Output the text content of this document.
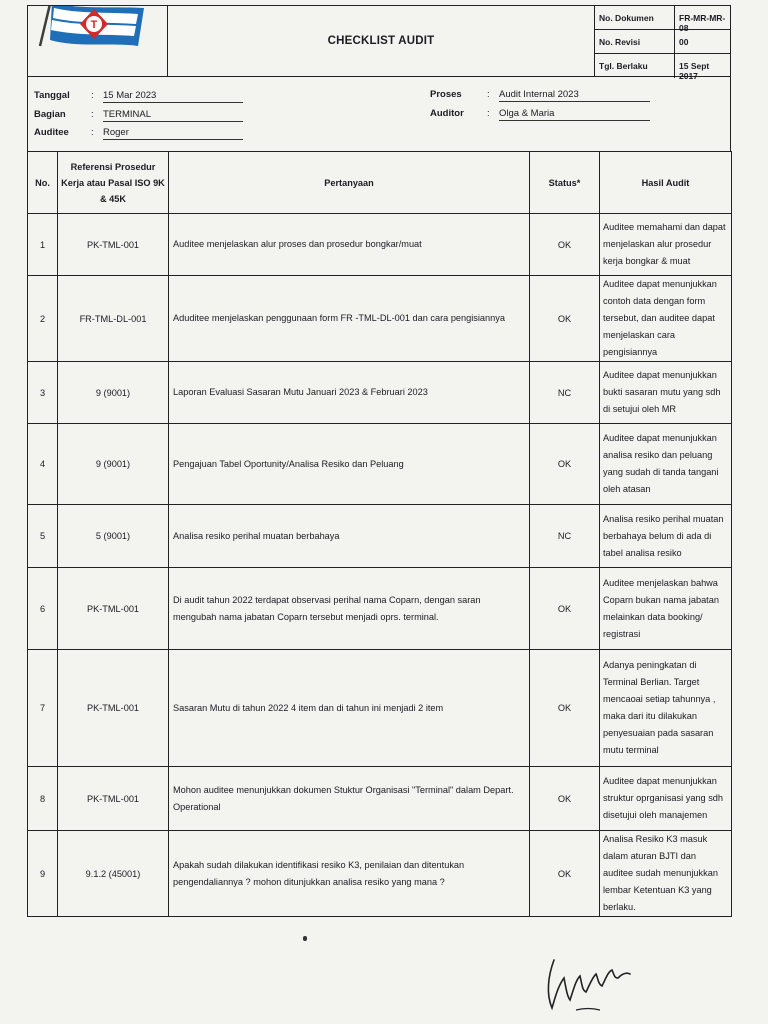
T
CHECKLIST AUDIT
No. Dokumen	FR-MR-MR-08
No. Revisi	00
Tgl. Berlaku	15 Sept 2017
Tanggal	: 15 Mar 2023
Bagian	: TERMINAL
Auditee	: Roger
Proses	: Audit Internal 2023
Auditor	: Olga & Maria
No.	Referensi Prosedur Kerja atau Pasal ISO 9K & 45K	Pertanyaan	Status*	Hasil Audit
1	PK-TML-001	Auditee menjelaskan alur proses dan prosedur bongkar/muat	OK	Auditee memahami dan dapat menjelaskan alur prosedur kerja bongkar & muat
2	FR-TML-DL-001	Aduditee menjelaskan penggunaan form FR -TML-DL-001 dan cara pengisiannya	OK	Auditee dapat menunjukkan contoh data dengan form tersebut, dan auditee dapat menjelaskan cara pengisiannya
3	9 (9001)	Laporan Evaluasi Sasaran Mutu Januari 2023 & Februari 2023	NC	Auditee dapat menunjukkan bukti sasaran mutu yang sdh di setujui oleh MR
4	9 (9001)	Pengajuan Tabel Oportunity/Analisa Resiko dan Peluang	OK	Auditee dapat menunjukkan analisa resiko dan peluang yang sudah di tanda tangani oleh atasan
5	5 (9001)	Analisa resiko perihal muatan berbahaya	NC	Analisa resiko perihal muatan berbahaya belum di ada di tabel analisa resiko
6	PK-TML-001	Di audit tahun 2022 terdapat observasi perihal nama Coparn, dengan saran mengubah nama jabatan Coparn tersebut menjadi oprs. terminal.	OK	Auditee menjelaskan bahwa Coparn bukan nama jabatan melainkan data booking/ registrasi
7	PK-TML-001	Sasaran Mutu di tahun 2022 4 item dan di tahun ini menjadi 2 item	OK	Adanya peningkatan di Terminal Berlian. Target mencaoai setiap tahunnya , maka dari itu dilakukan penyesuaian pada sasaran mutu terminal
8	PK-TML-001	Mohon auditee menunjukkan dokumen Stuktur Organisasi "Terminal" dalam Depart. Operational	OK	Auditee dapat menunjukkan struktur oprganisasi yang sdh disetujui oleh manajemen
9	9.1.2 (45001)	Apakah sudah dilakukan identifikasi resiko K3, penilaian dan ditentukan pengendaliannya ? mohon ditunjukkan analisa resiko yang mana ?	OK	Analisa Resiko K3 masuk dalam aturan BJTI dan auditee sudah menunjukkan lembar Ketentuan K3 yang berlaku.
